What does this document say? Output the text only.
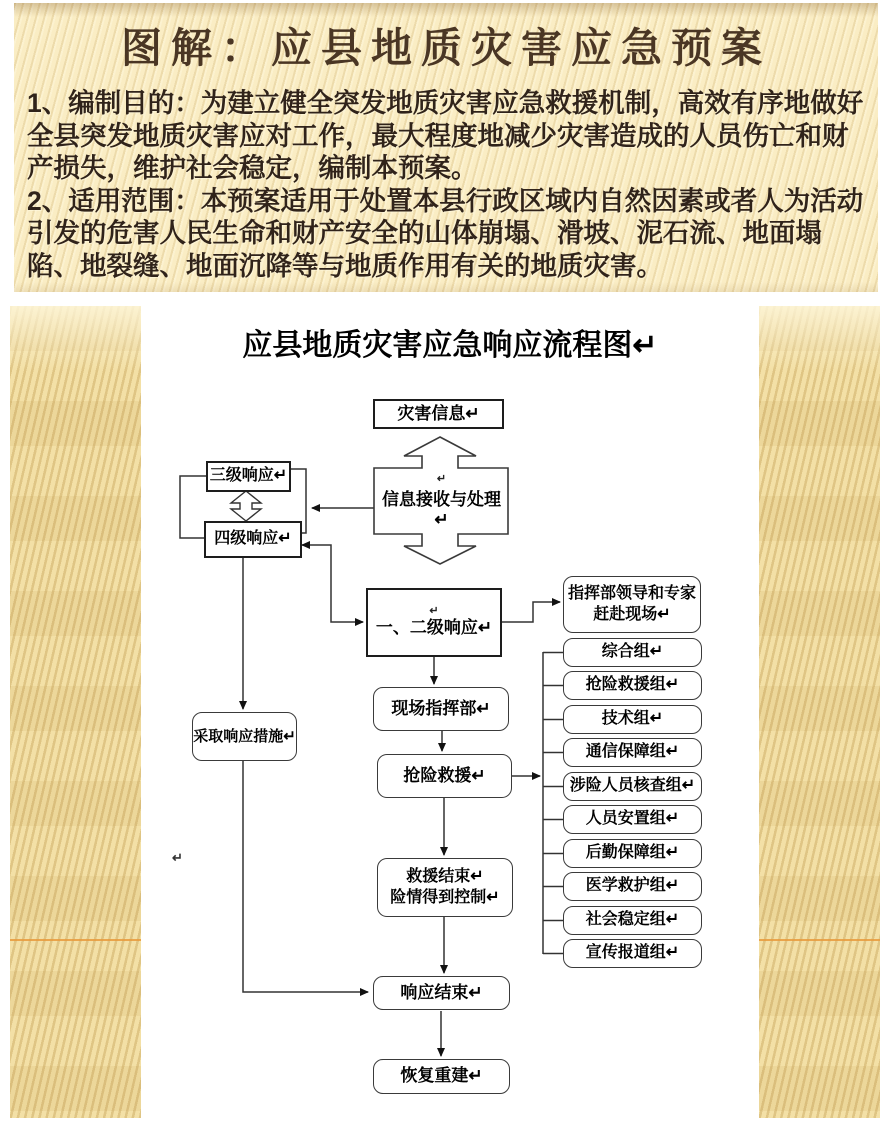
图解：应县地质灾害应急预案

1、编制目的：为建立健全突发地质灾害应急救援机制，高效有序地做好全县突发地质灾害应对工作，最大程度地减少灾害造成的人员伤亡和财产损失，维护社会稳定，编制本预案。

2、适用范围：本预案适用于处置本县行政区域内自然因素或者人为活动引发的危害人民生命和财产安全的山体崩塌、滑坡、泥石流、地面塌陷、地裂缝、地面沉降等与地质作用有关的地质灾害。

应县地质灾害应急响应流程图↵
灾害信息↵
↵
信息接收与处理↵
三级响应↵
四级响应↵
↵
一、二级响应↵
指挥部领导和专家
赶赴现场↵
综合组↵
抢险救援组↵
技术组↵
通信保障组↵
涉险人员核查组↵
人员安置组↵
后勤保障组↵
医学救护组↵
社会稳定组↵
宣传报道组↵
现场指挥部↵
抢险救援↵
采取响应措施↵
救援结束↵
险情得到控制↵
响应结束↵
恢复重建↵
↵
